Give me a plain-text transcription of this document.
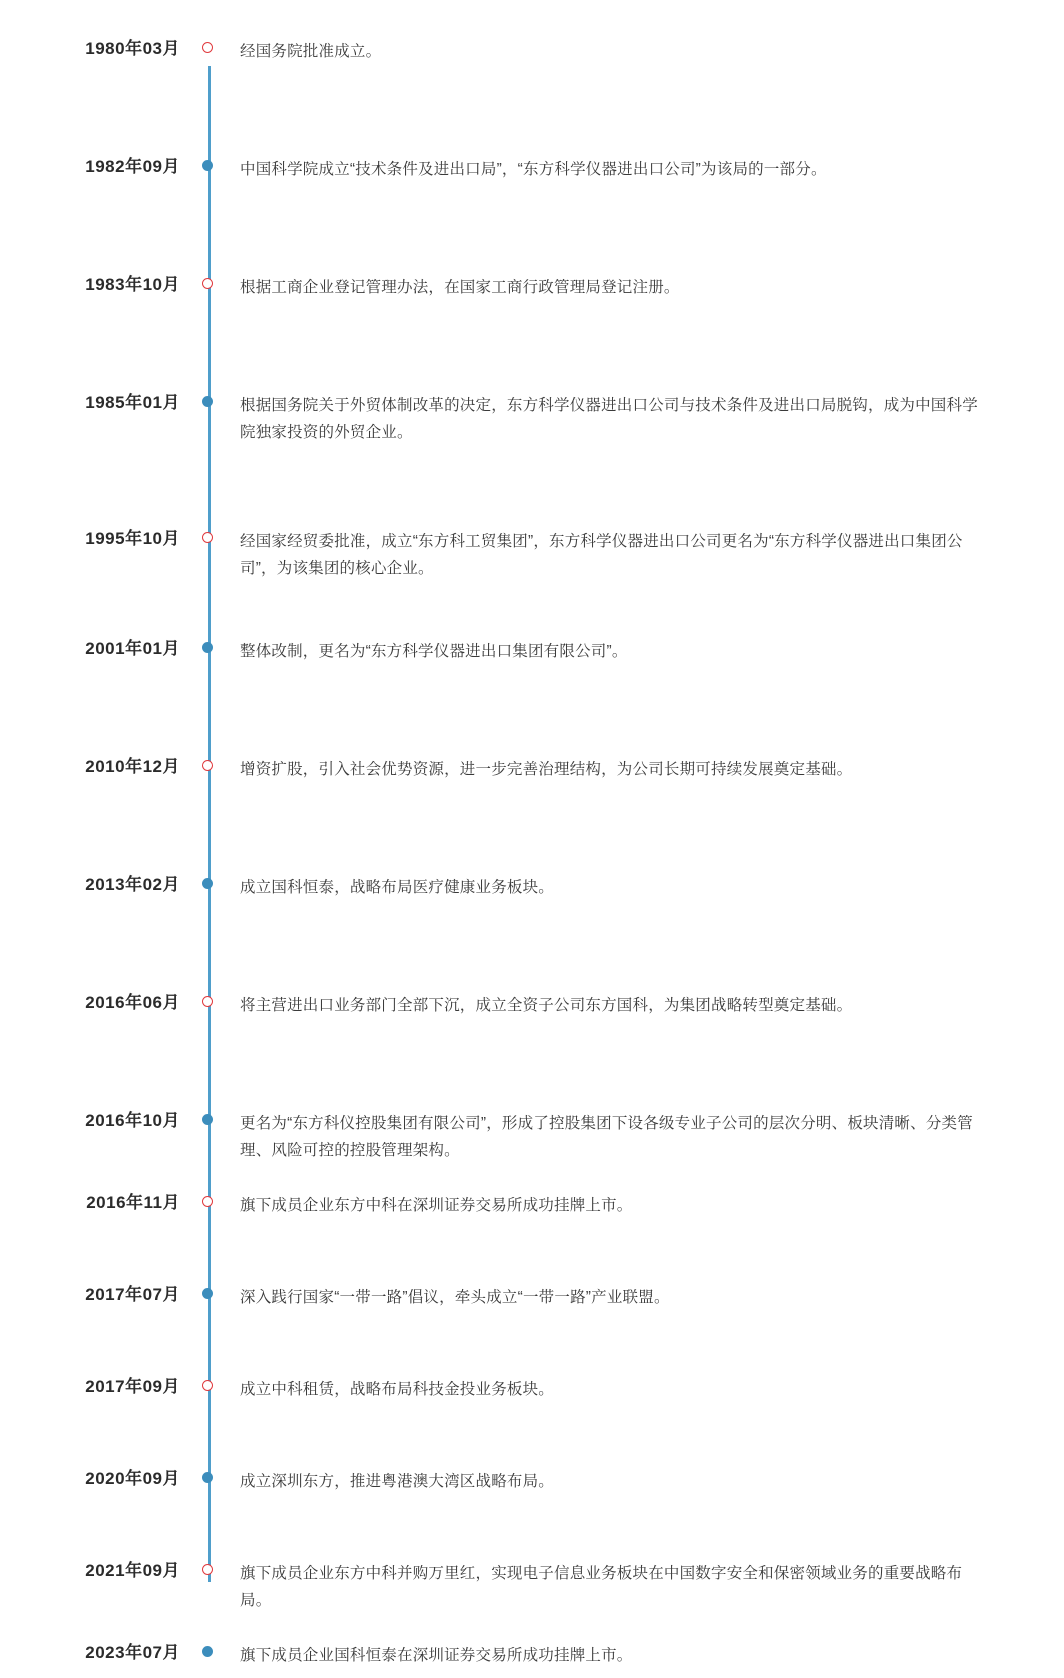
1980年03月	经国务院批准成立。
1982年09月	中国科学院成立“技术条件及进出口局”，“东方科学仪器进出口公司”为该局的一部分。
1983年10月	根据工商企业登记管理办法，在国家工商行政管理局登记注册。
1985年01月	根据国务院关于外贸体制改革的决定，东方科学仪器进出口公司与技术条件及进出口局脱钩，成为中国科学院独家投资的外贸企业。
1995年10月	经国家经贸委批准，成立“东方科工贸集团”，东方科学仪器进出口公司更名为“东方科学仪器进出口集团公司”，为该集团的核心企业。
2001年01月	整体改制，更名为“东方科学仪器进出口集团有限公司”。
2010年12月	增资扩股，引入社会优势资源，进一步完善治理结构，为公司长期可持续发展奠定基础。
2013年02月	成立国科恒泰，战略布局医疗健康业务板块。
2016年06月	将主营进出口业务部门全部下沉，成立全资子公司东方国科，为集团战略转型奠定基础。
2016年10月	更名为“东方科仪控股集团有限公司”，形成了控股集团下设各级专业子公司的层次分明、板块清晰、分类管理、风险可控的控股管理架构。
2016年11月	旗下成员企业东方中科在深圳证券交易所成功挂牌上市。
2017年07月	深入践行国家“一带一路”倡议，牵头成立“一带一路”产业联盟。
2017年09月	成立中科租赁，战略布局科技金投业务板块。
2020年09月	成立深圳东方，推进粤港澳大湾区战略布局。
2021年09月	旗下成员企业东方中科并购万里红，实现电子信息业务板块在中国数字安全和保密领域业务的重要战略布局。
2023年07月	旗下成员企业国科恒泰在深圳证券交易所成功挂牌上市。
